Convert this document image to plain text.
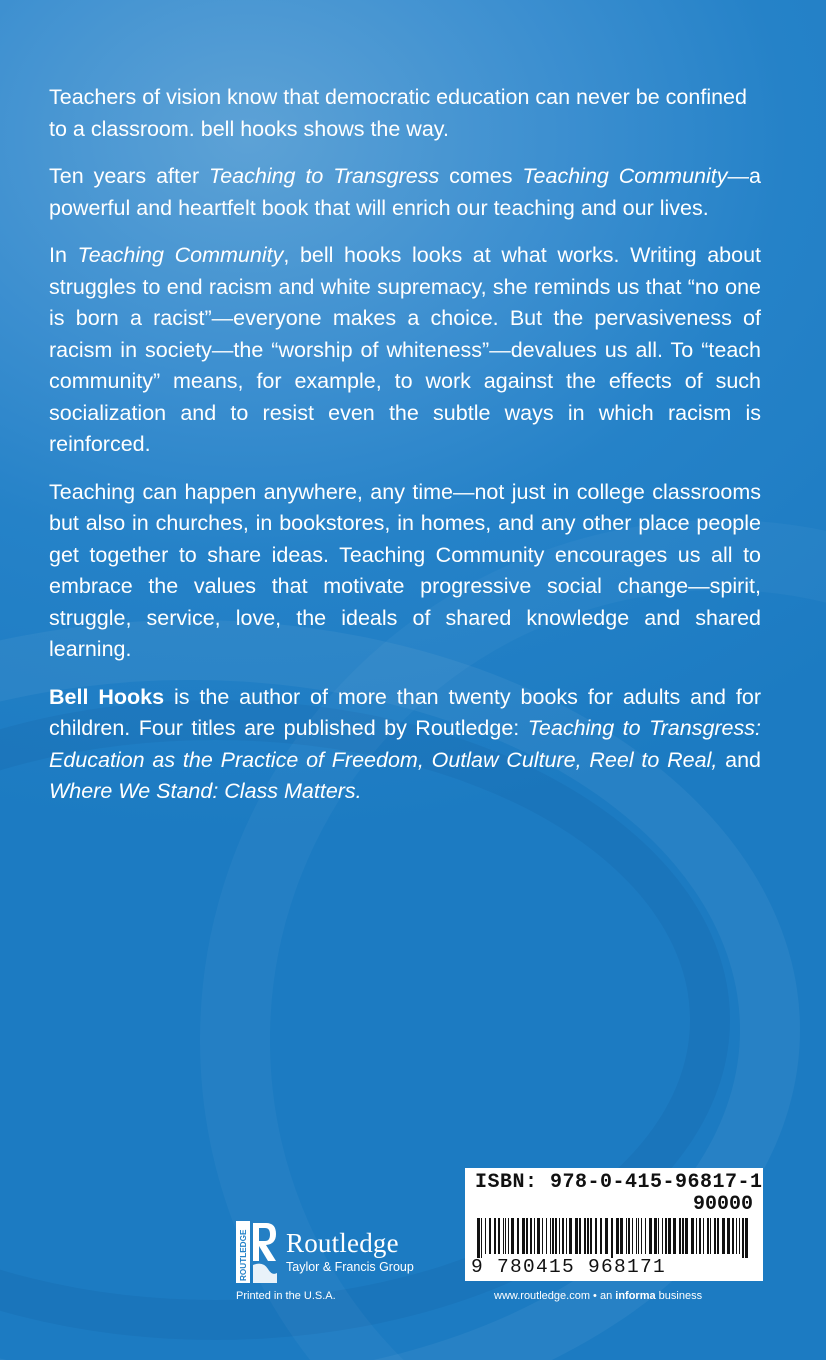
Teachers of vision know that democratic education can never be confined to a classroom. bell hooks shows the way.

Ten years after Teaching to Transgress comes Teaching Community—a powerful and heartfelt book that will enrich our teaching and our lives.

In Teaching Community, bell hooks looks at what works. Writing about struggles to end racism and white supremacy, she reminds us that “no one is born a racist”—everyone makes a choice. But the pervasiveness of racism in society—the “worship of whiteness”—devalues us all. To “teach community” means, for example, to work against the effects of such socialization and to resist even the subtle ways in which racism is reinforced.

Teaching can happen anywhere, any time—not just in college classrooms but also in churches, in bookstores, in homes, and any other place people get together to share ideas. Teaching Community encourages us all to embrace the values that motivate progressive social change—spirit, struggle, service, love, the ideals of shared knowledge and shared learning.

Bell Hooks is the author of more than twenty books for adults and for children. Four titles are published by Routledge: Teaching to Transgress: Education as the Practice of Freedom, Outlaw Culture, Reel to Real, and Where We Stand: Class Matters.

ROUTLEDGE Routledge
Taylor & Francis Group
Printed in the U.S.A.
ISBN: 978-0-415-96817-1
90000
9 780415 968171
www.routledge.com • an informa business
